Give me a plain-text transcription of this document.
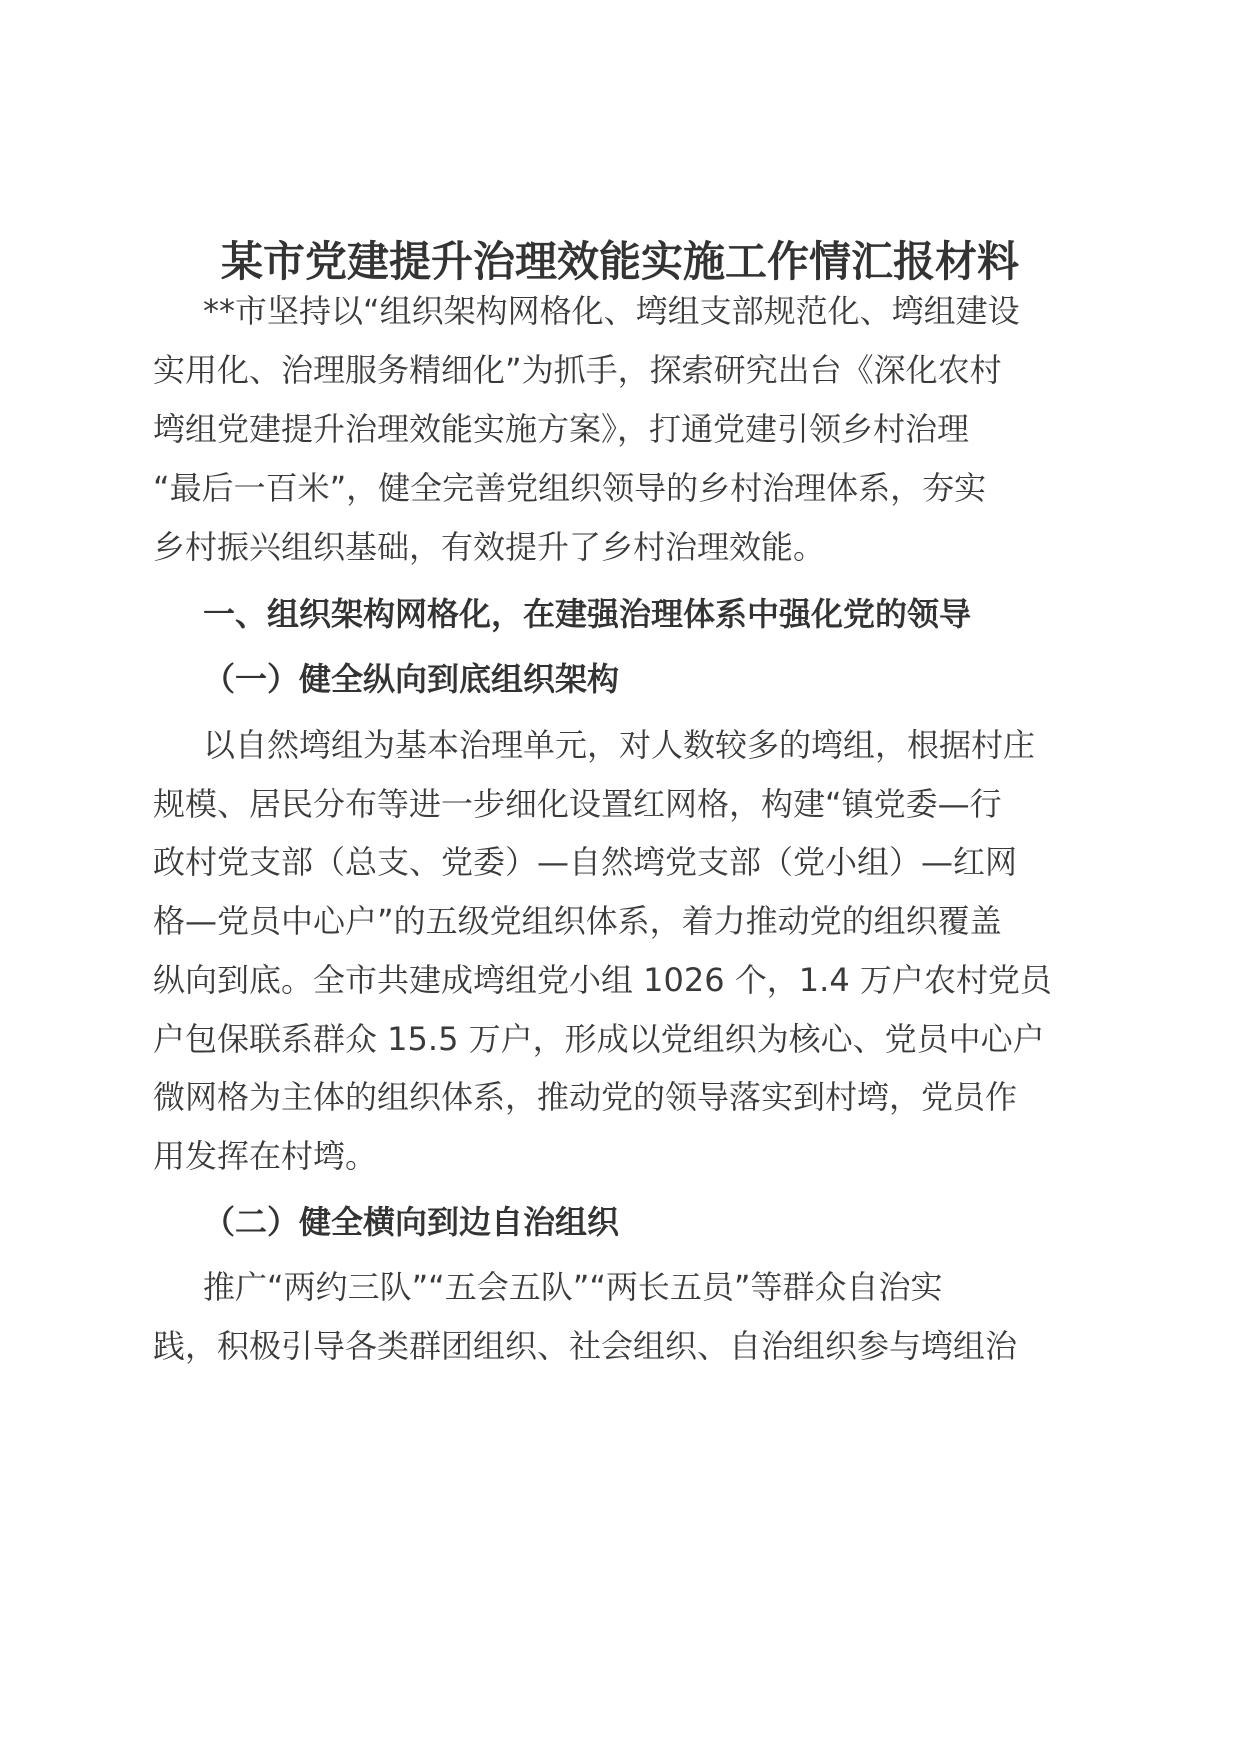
某市党建提升治理效能实施工作情汇报材料

**市坚持以“组织架构网格化、塆组支部规范化、塆组建设

实用化、治理服务精细化”为抓手，探索研究出台《深化农村

塆组党建提升治理效能实施方案》，打通党建引领乡村治理

“最后一百米”，健全完善党组织领导的乡村治理体系，夯实

乡村振兴组织基础，有效提升了乡村治理效能。

一、组织架构网格化，在建强治理体系中强化党的领导
（一）健全纵向到底组织架构

以自然塆组为基本治理单元，对人数较多的塆组，根据村庄

规模、居民分布等进一步细化设置红网格，构建“镇党委—行

政村党支部（总支、党委）—自然塆党支部（党小组）—红网

格—党员中心户”的五级党组织体系，着力推动党的组织覆盖

纵向到底。全市共建成塆组党小组 1026 个，1.4 万户农村党员

户包保联系群众 15.5 万户，形成以党组织为核心、党员中心户

微网格为主体的组织体系，推动党的领导落实到村塆，党员作

用发挥在村塆。

（二）健全横向到边自治组织

推广“两约三队”“五会五队”“两长五员”等群众自治实

践，积极引导各类群团组织、社会组织、自治组织参与塆组治
